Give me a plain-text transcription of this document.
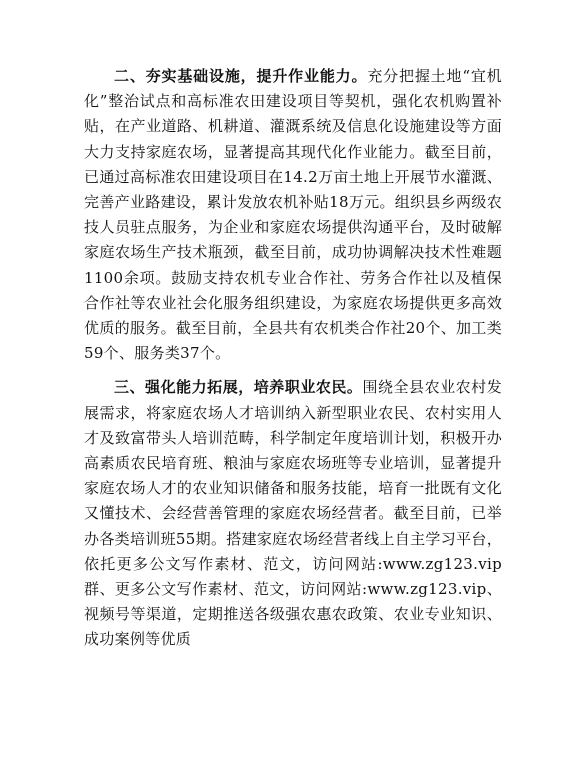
二、夯实基础设施，提升作业能力。充分把握土地“宜机化”整治试点和高标准农田建设项目等契机，强化农机购置补贴，在产业道路、机耕道、灌溉系统及信息化设施建设等方面大力支持家庭农场，显著提高其现代化作业能力。截至目前，已通过高标准农田建设项目在14.2万亩土地上开展节水灌溉、完善产业路建设，累计发放农机补贴18万元。组织县乡两级农技人员驻点服务，为企业和家庭农场提供沟通平台，及时破解家庭农场生产技术瓶颈，截至目前，成功协调解决技术性难题1100余项。鼓励支持农机专业合作社、劳务合作社以及植保合作社等农业社会化服务组织建设，为家庭农场提供更多高效优质的服务。截至目前，全县共有农机类合作社20个、加工类59个、服务类37个。

三、强化能力拓展，培养职业农民。围绕全县农业农村发展需求，将家庭农场人才培训纳入新型职业农民、农村实用人才及致富带头人培训范畴，科学制定年度培训计划，积极开办高素质农民培育班、粮油与家庭农场班等专业培训，显著提升家庭农场人才的农业知识储备和服务技能，培育一批既有文化又懂技术、会经营善管理的家庭农场经营者。截至目前，已举办各类培训班55期。搭建家庭农场经营者线上自主学习平台，依托更多公文写作素材、范文，访问网站:www.zg123.vip群、更多公文写作素材、范文，访问网站:www.zg123.vip、视频号等渠道，定期推送各级强农惠农政策、农业专业知识、成功案例等优质
